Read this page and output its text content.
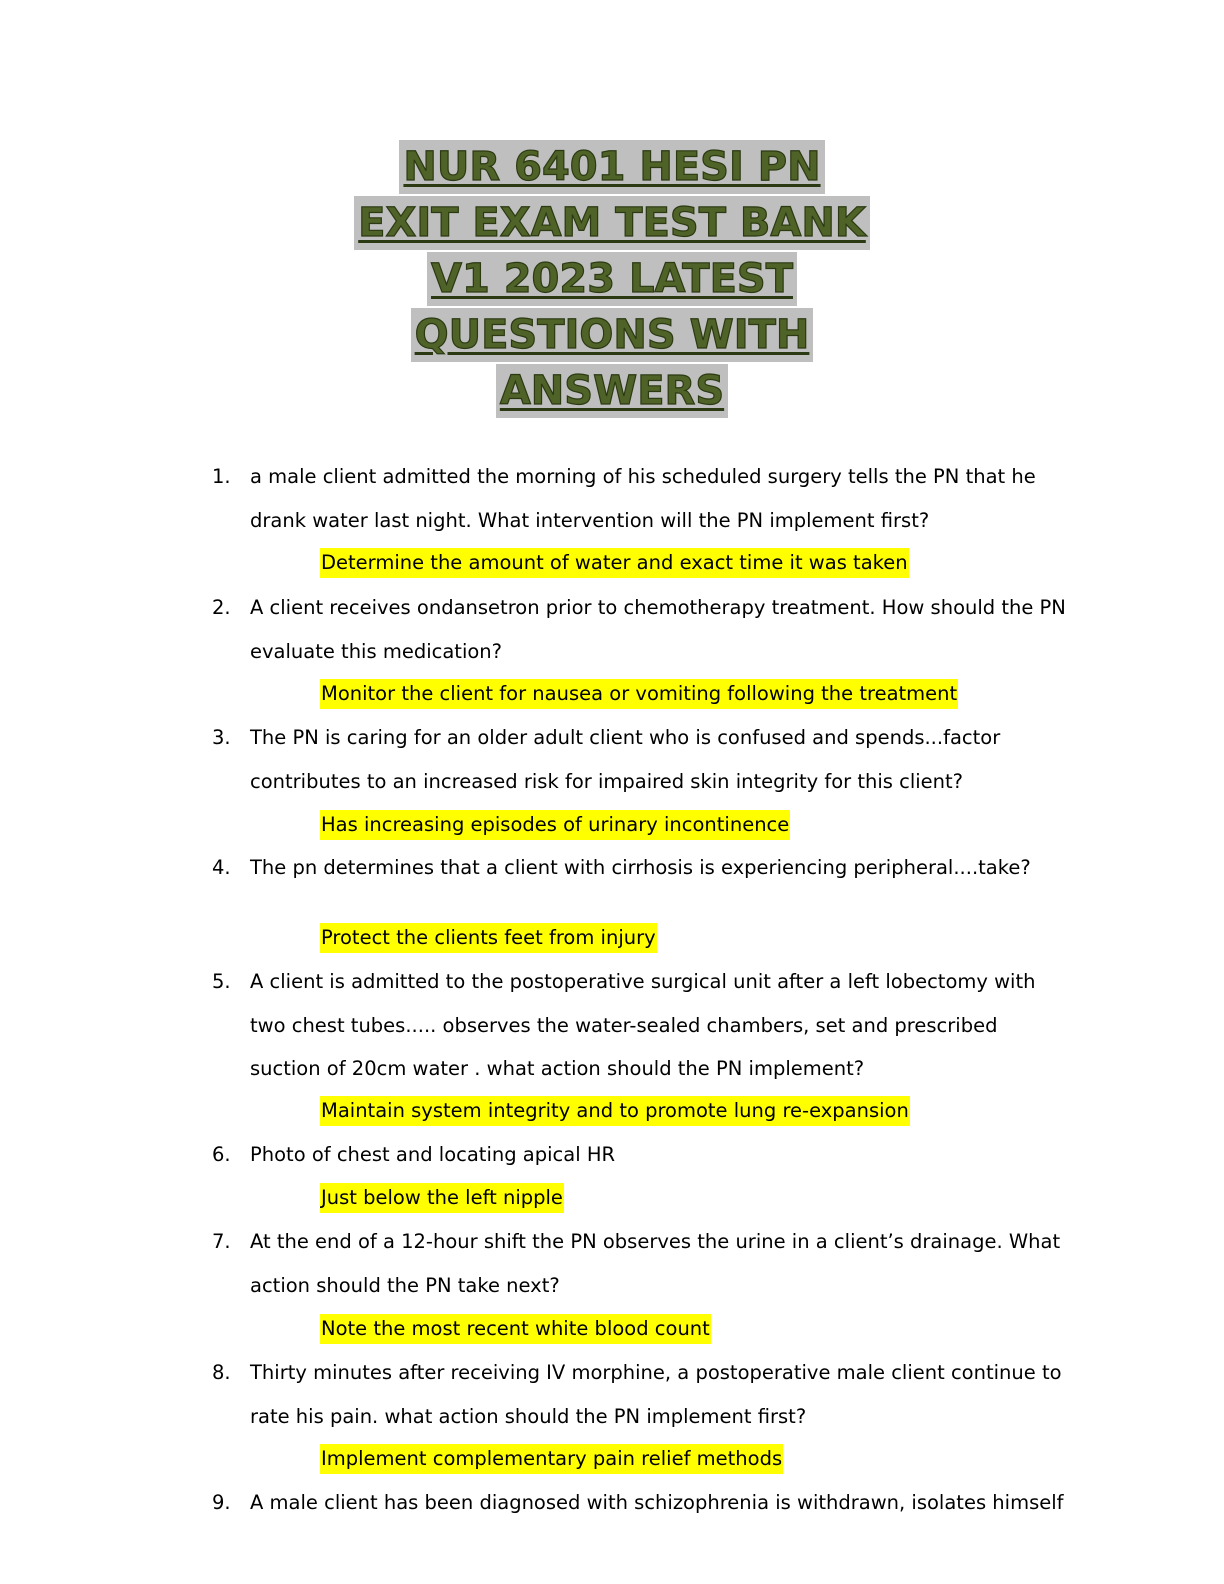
NUR 6401 HESI PN
EXIT EXAM TEST BANK
V1 2023 LATEST
QUESTIONS WITH
ANSWERS
1. a male client admitted the morning of his scheduled surgery tells the PN that he drank water last night. What intervention will the PN implement first?
Determine the amount of water and exact time it was taken
2. A client receives ondansetron prior to chemotherapy treatment. How should the PN evaluate this medication?
Monitor the client for nausea or vomiting following the treatment
3. The PN is caring for an older adult client who is confused and spends...factor contributes to an increased risk for impaired skin integrity for this client?
Has increasing episodes of urinary incontinence
4. The pn determines that a client with cirrhosis is experiencing peripheral....take?
Protect the clients feet from injury
5. A client is admitted to the postoperative surgical unit after a left lobectomy with two chest tubes..... observes the water-sealed chambers, set and prescribed suction of 20cm water . what action should the PN implement?
Maintain system integrity and to promote lung re-expansion
6. Photo of chest and locating apical HR
Just below the left nipple
7. At the end of a 12-hour shift the PN observes the urine in a client’s drainage. What action should the PN take next?
Note the most recent white blood count
8. Thirty minutes after receiving IV morphine, a postoperative male client continue to rate his pain. what action should the PN implement first?
Implement complementary pain relief methods
9. A male client has been diagnosed with schizophrenia is withdrawn, isolates himself
